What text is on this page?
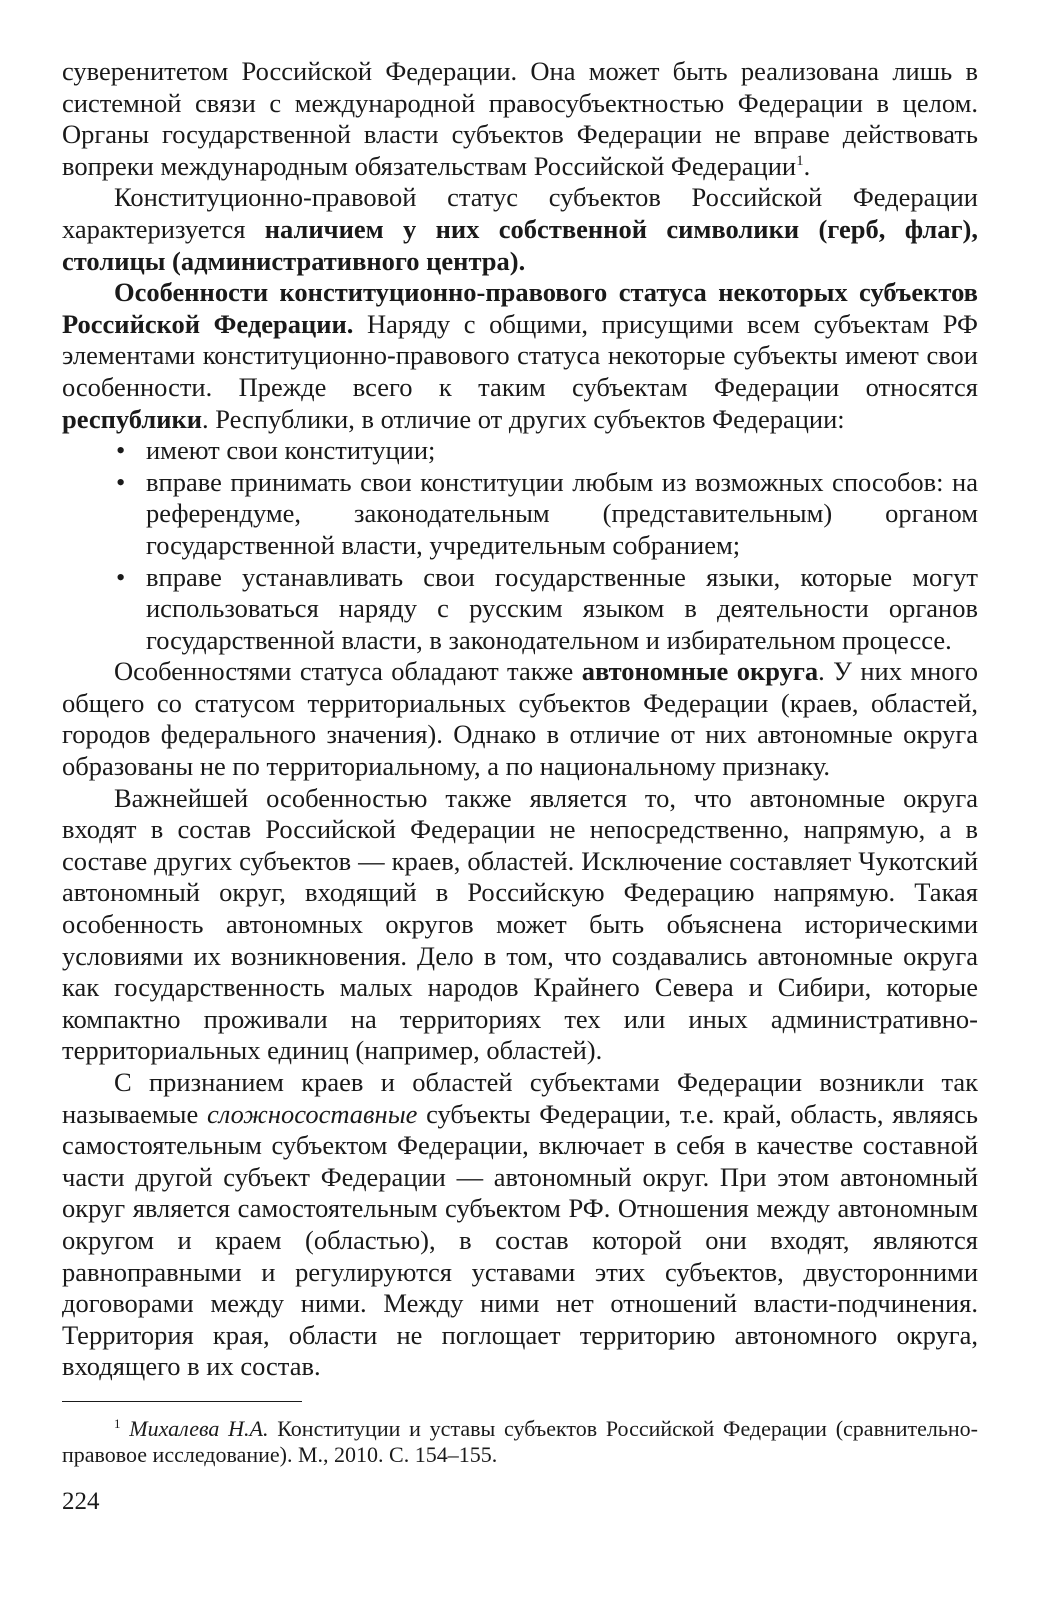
суверенитетом Российской Федерации. Она может быть реализована лишь в системной связи с международной правосубъектностью Федерации в целом. Органы государственной власти субъектов Федерации не вправе действовать вопреки международным обязательствам Российской Федерации$^1$.

Конституционно-правовой статус субъектов Российской Федерации характеризуется наличием у них собственной символики (герб, флаг), столицы (административного центра).

Особенности конституционно-правового статуса некоторых субъектов Российской Федерации. Наряду с общими, присущими всем субъектам РФ элементами конституционно-правового статуса некоторые субъекты имеют свои особенности. Прежде всего к таким субъектам Федерации относятся республики. Республики, в отличие от других субъектов Федерации:

• имеют свои конституции;
• вправе принимать свои конституции любым из возможных способов: на референдуме, законодательным (представительным) органом государственной власти, учредительным собранием;
• вправе устанавливать свои государственные языки, которые могут использоваться наряду с русским языком в деятельности органов государственной власти, в законодательном и избирательном процессе.

Особенностями статуса обладают также автономные округа. У них много общего со статусом территориальных субъектов Федерации (краев, областей, городов федерального значения). Однако в отличие от них автономные округа образованы не по территориальному, а по национальному признаку.

Важнейшей особенностью также является то, что автономные округа входят в состав Российской Федерации не непосредственно, напрямую, а в составе других субъектов — краев, областей. Исключение составляет Чукотский автономный округ, входящий в Российскую Федерацию напрямую. Такая особенность автономных округов может быть объяснена историческими условиями их возникновения. Дело в том, что создавались автономные округа как государственность малых народов Крайнего Севера и Сибири, которые компактно проживали на территориях тех или иных административно-территориальных единиц (например, областей).

С признанием краев и областей субъектами Федерации возникли так называемые сложносоставные субъекты Федерации, т.е. край, область, являясь самостоятельным субъектом Федерации, включает в себя в качестве составной части другой субъект Федерации — автономный округ. При этом автономный округ является самостоятельным субъектом РФ. Отношения между автономным округом и краем (областью), в состав которой они входят, являются равноправными и регулируются уставами этих субъектов, двусторонними договорами между ними. Между ними нет отношений власти-подчинения. Территория края, области не поглощает территорию автономного округа, входящего в их состав.

$^1$ Михалева Н.А. Конституции и уставы субъектов Российской Федерации (сравнительно-правовое исследование). М., 2010. С. 154–155.

224
